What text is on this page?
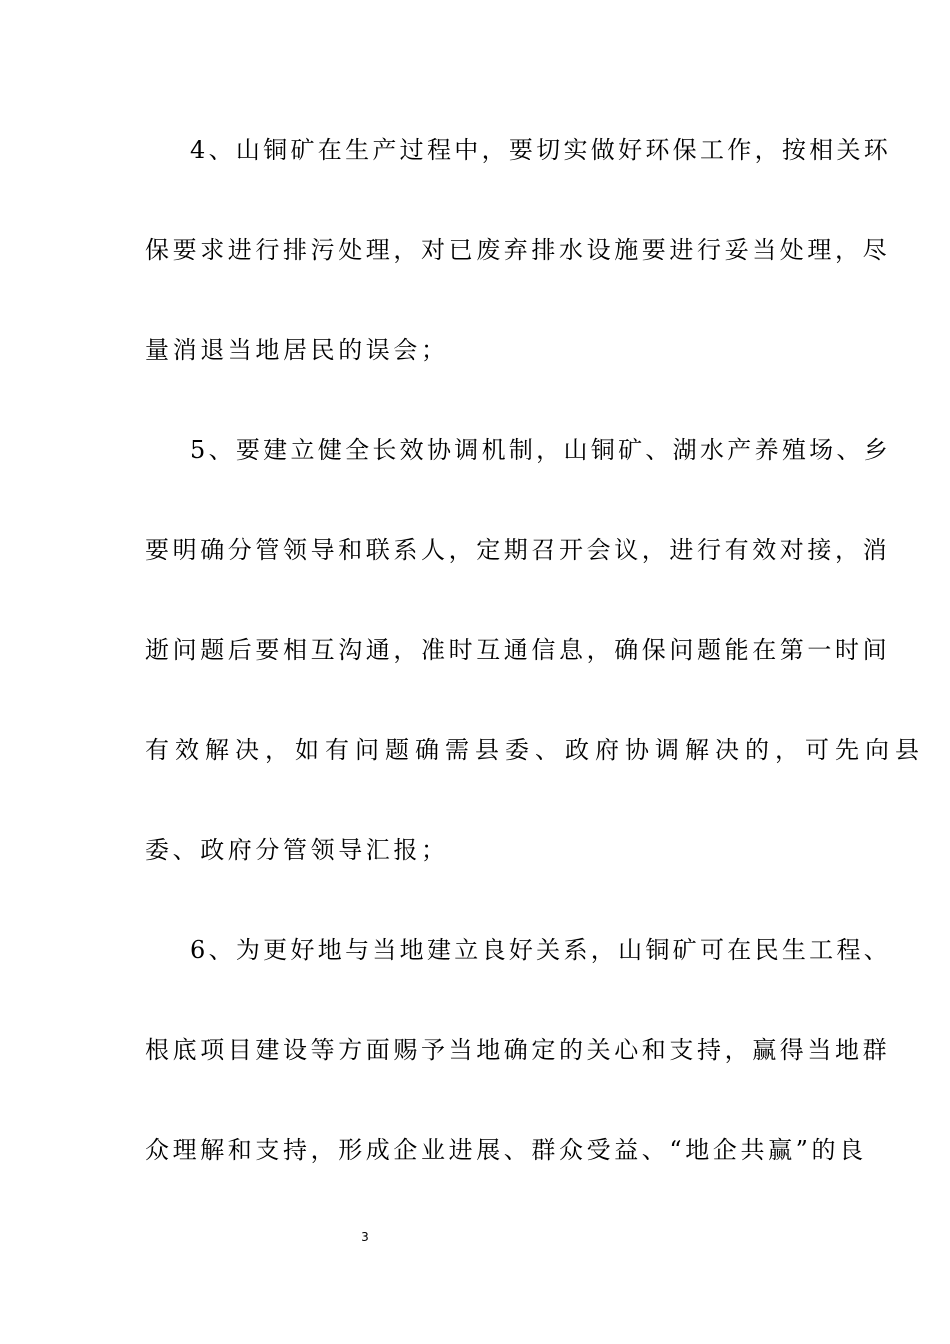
4、山铜矿在生产过程中，要切实做好环保工作，按相关环
保要求进行排污处理，对已废弃排水设施要进行妥当处理，尽
量消退当地居民的误会；
5、要建立健全长效协调机制，山铜矿、湖水产养殖场、乡
要明确分管领导和联系人，定期召开会议，进行有效对接，消
逝问题后要相互沟通，准时互通信息，确保问题能在第一时间
有效解决，如有问题确需县委、政府协调解决的，可先向县
委、政府分管领导汇报；
6、为更好地与当地建立良好关系，山铜矿可在民生工程、
根底项目建设等方面赐予当地确定的关心和支持，赢得当地群
众理解和支持，形成企业进展、群众受益、“地企共赢”的良
3
